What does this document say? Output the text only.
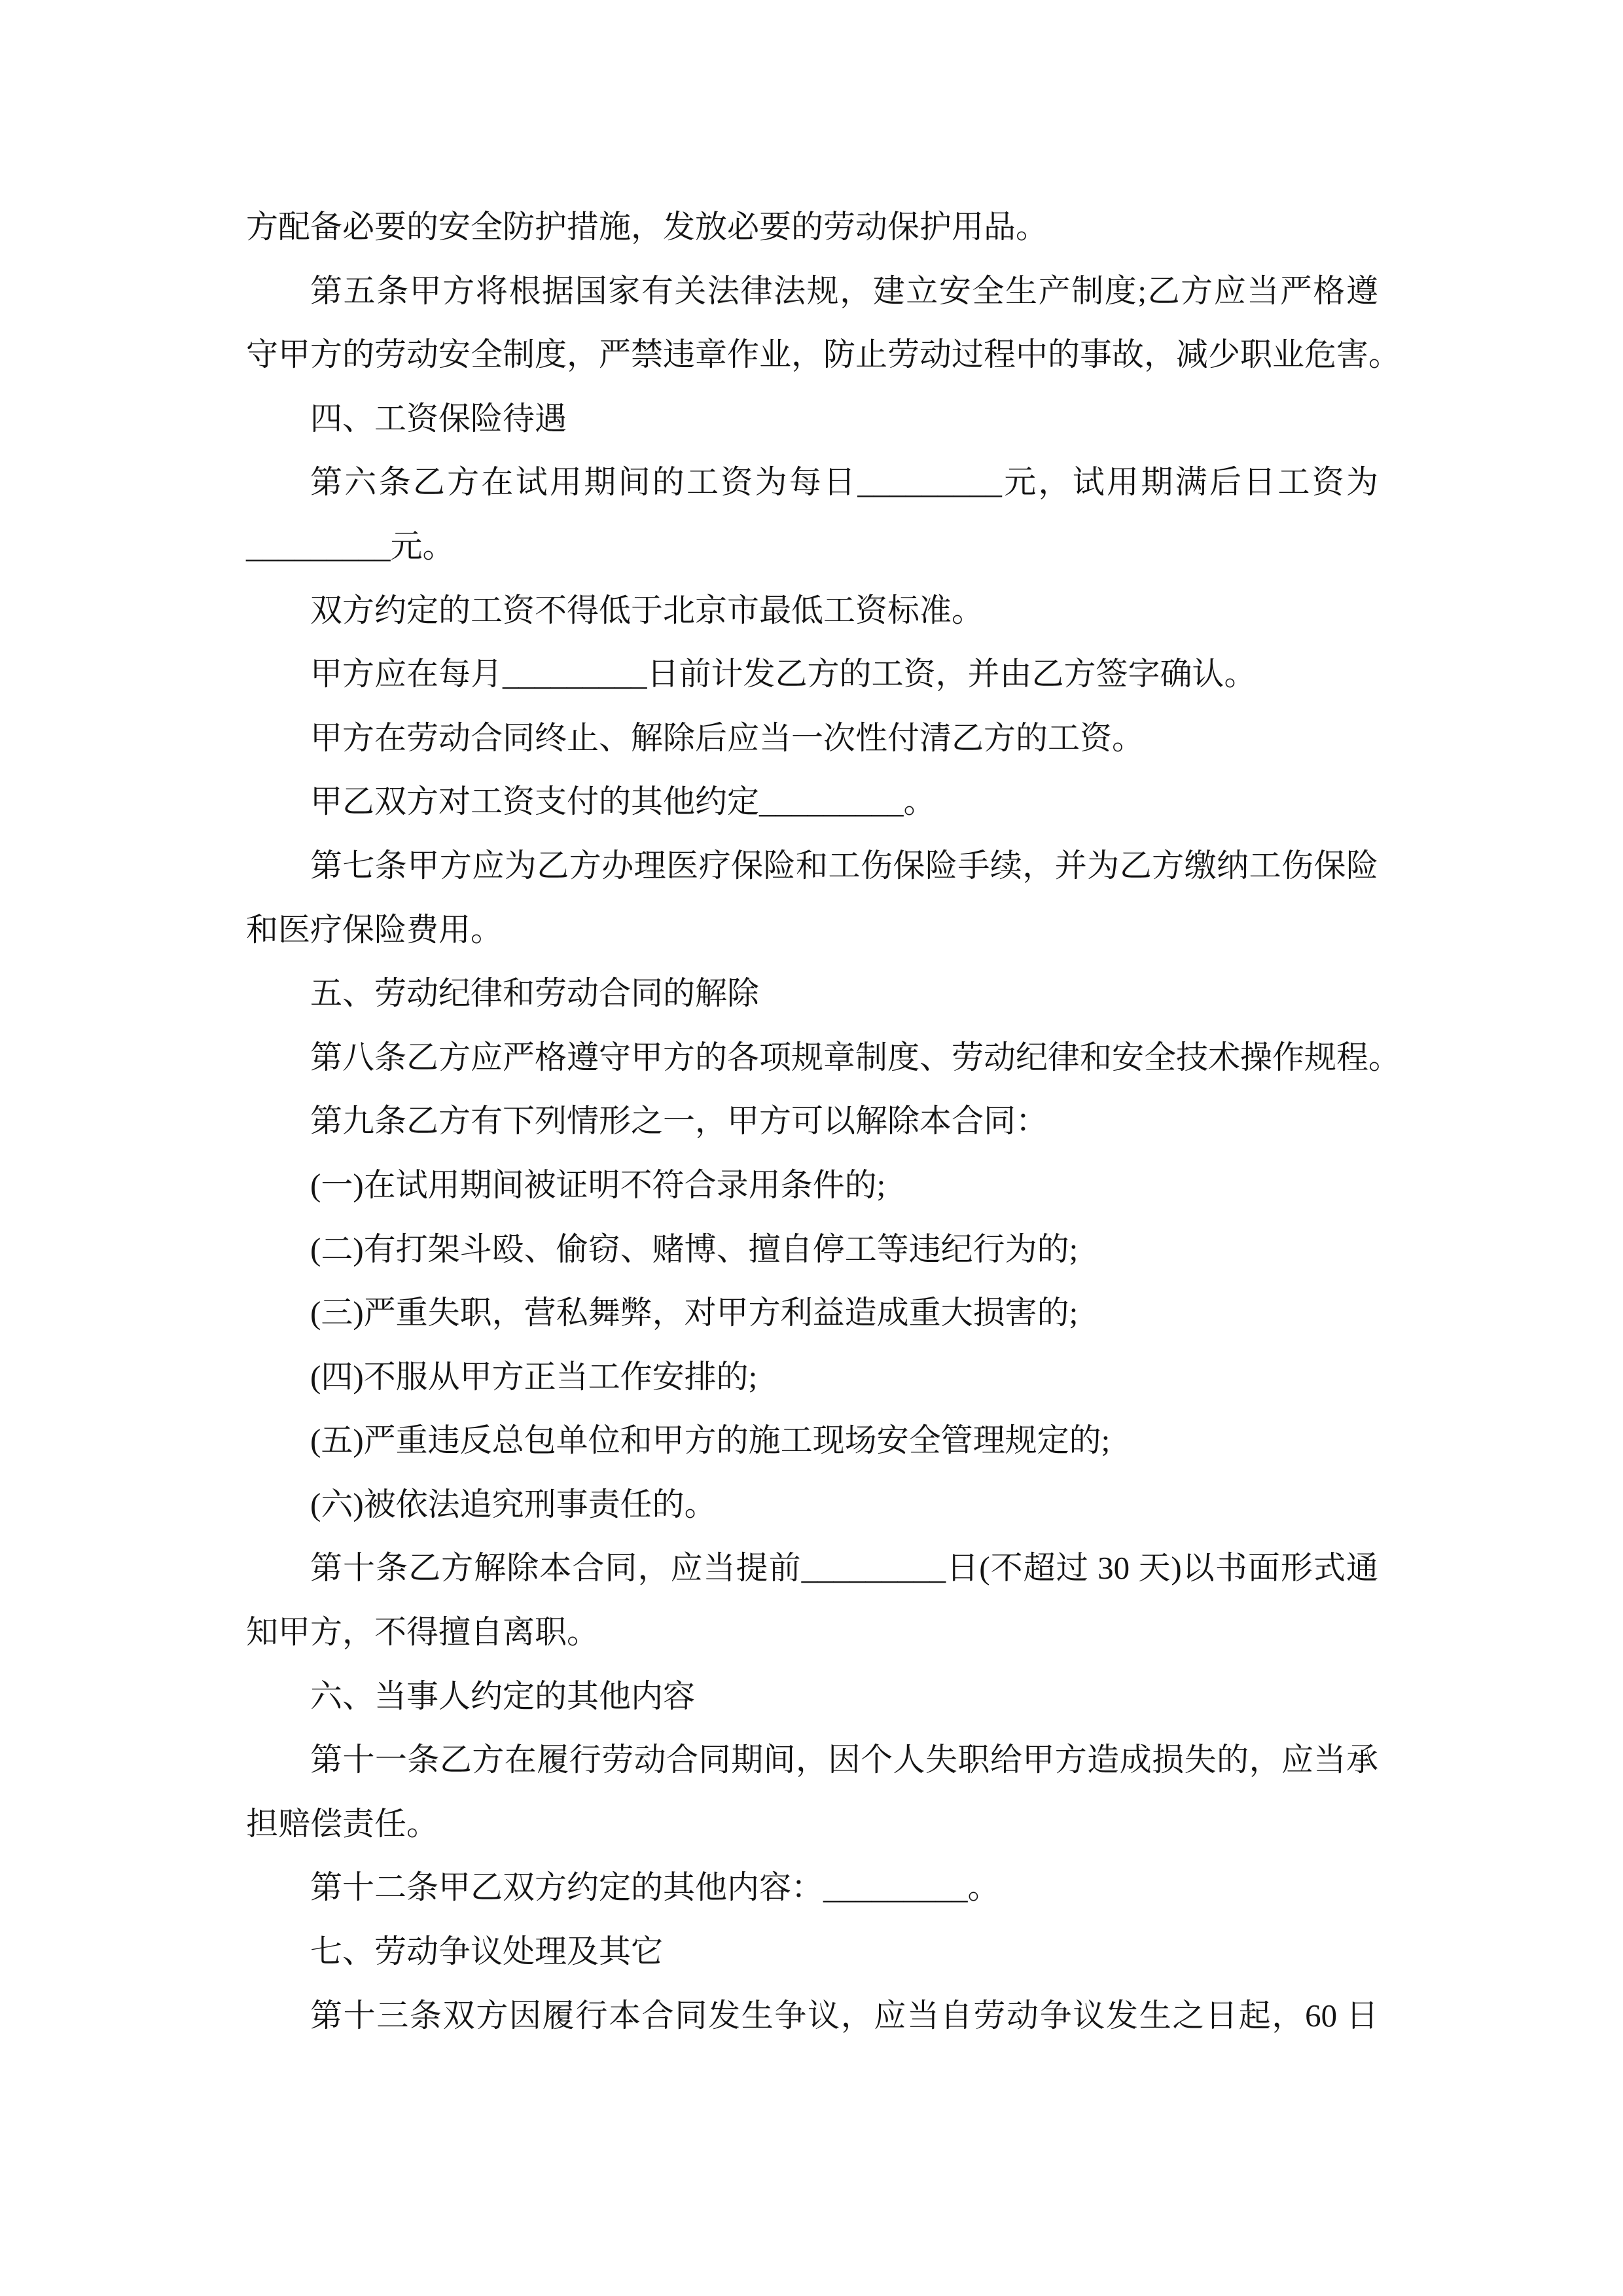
方配备必要的安全防护措施，发放必要的劳动保护用品。
第五条甲方将根据国家有关法律法规，建立安全生产制度;乙方应当严格遵
守甲方的劳动安全制度，严禁违章作业，防止劳动过程中的事故，减少职业危害。
四、工资保险待遇
第六条乙方在试用期间的工资为每日_________元，试用期满后日工资为
_________元。
双方约定的工资不得低于北京市最低工资标准。
甲方应在每月_________日前计发乙方的工资，并由乙方签字确认。
甲方在劳动合同终止、解除后应当一次性付清乙方的工资。
甲乙双方对工资支付的其他约定_________。
第七条甲方应为乙方办理医疗保险和工伤保险手续，并为乙方缴纳工伤保险
和医疗保险费用。
五、劳动纪律和劳动合同的解除
第八条乙方应严格遵守甲方的各项规章制度、劳动纪律和安全技术操作规程。
第九条乙方有下列情形之一，甲方可以解除本合同：
(一)在试用期间被证明不符合录用条件的;
(二)有打架斗殴、偷窃、赌博、擅自停工等违纪行为的;
(三)严重失职，营私舞弊，对甲方利益造成重大损害的;
(四)不服从甲方正当工作安排的;
(五)严重违反总包单位和甲方的施工现场安全管理规定的;
(六)被依法追究刑事责任的。
第十条乙方解除本合同，应当提前_________日(不超过 30 天)以书面形式通
知甲方，不得擅自离职。
六、当事人约定的其他内容
第十一条乙方在履行劳动合同期间，因个人失职给甲方造成损失的，应当承
担赔偿责任。
第十二条甲乙双方约定的其他内容：_________。
七、劳动争议处理及其它
第十三条双方因履行本合同发生争议，应当自劳动争议发生之日起，60 日
